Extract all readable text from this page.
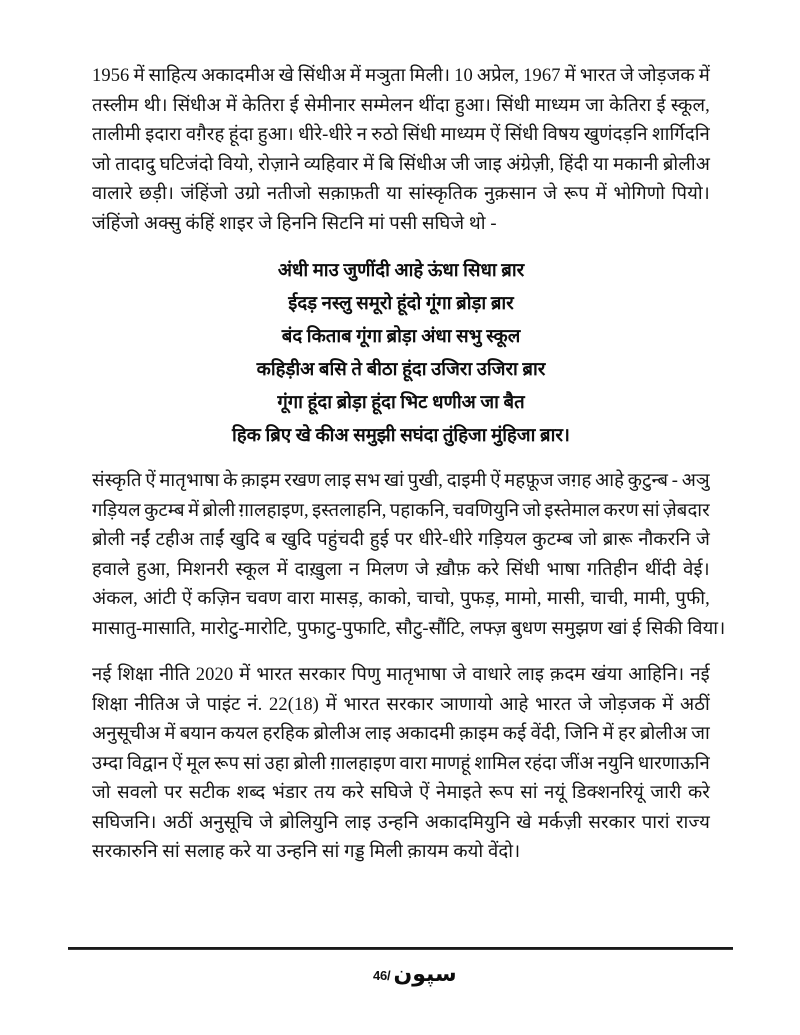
1956 में साहित्य अकादमीअ खे सिंधीअ में मञुता मिली। 10 अप्रेल, 1967 में भारत जे जोड़जक में
तस्लीम थी। सिंधीअ में केतिरा ई सेमीनार सम्मेलन थींदा हुआ। सिंधी माध्यम जा केतिरा ई स्कूल,
तालीमी इदारा वग़ैरह हूंदा हुआ। धीरे-धीरे न रुठो सिंधी माध्यम ऐं सिंधी विषय खुणंदड़नि शार्गिदनि
जो तादादु घटिजंदो वियो, रोज़ाने व्यहिवार में बि सिंधीअ जी जाइ अंग्रेज़ी, हिंदी या मकानी ब्रोलीअ
वालारे छड़ी। जंहिंजो उग्रो नतीजो सक़ाफ़ती या सांस्कृतिक नुक़सान जे रूप में भोगिणो पियो।
जंहिंजो अक्सु कंहिं शाइर जे हिननि सिटनि मां पसी सघिजे थो -
अंधी माउ जुणींदी आहे ऊंधा सिधा ब्रार
ईदड़ नस्लु समूरो हूंदो गूंगा ब्रोड़ा ब्रार
बंद किताब गूंगा ब्रोड़ा अंधा सभु स्कूल
कहिड़ीअ बसि ते बीठा हूंदा उजिरा उजिरा ब्रार
गूंगा हूंदा ब्रोड़ा हूंदा भिट धणीअ जा बैत
हिक ब्रिए खे कीअ समुझी सघंदा तुंहिजा मुंहिजा ब्रार।
संस्कृति ऐं मातृभाषा के क़ाइम रखण लाइ सभ खां पुखी, दाइमी ऐं महफ़ूज जग़ह आहे कुटुन्ब - अञु
गड़ियल कुटम्ब में ब्रोली ग़ालहाइण, इस्तलाहनि, पहाकनि, चवणियुनि जो इस्तेमाल करण सां ज़ेबदार
ब्रोली नईं टहीअ ताईं खुदि ब खुदि पहुंचदी हुई पर धीरे-धीरे गड़ियल कुटम्ब जो ब्रारू नौकरनि जे
हवाले हुआ, मिशनरी स्कूल में दाख़ुला न मिलण जे ख़ौफ़ करे सिंधी भाषा गतिहीन थींदी वेई।
अंकल, आंटी ऐं कज़िन चवण वारा मासड़, काको, चाचो, पुफड़, मामो, मासी, चाची, मामी, पुफी,
मासातु-मासाति, मारोटु-मारोटि, पुफाटु-पुफाटि, सौटु-सौंटि, लफ्ज़ बुधण समुझण खां ई सिकी विया।
नई शिक्षा नीति 2020 में भारत सरकार पिणु मातृभाषा जे वाधारे लाइ क़दम खंया आहिनि। नई
शिक्षा नीतिअ जे पाइंट नं. 22(18) में भारत सरकार ञाणायो आहे भारत जे जोड़जक में अठीं
अनुसूचीअ में बयान कयल हरहिक ब्रोलीअ लाइ अकादमी क़ाइम कई वेंदी, जिनि में हर ब्रोलीअ जा
उम्दा विद्वान ऐं मूल रूप सां उहा ब्रोली ग़ालहाइण वारा माणहूं शामिल रहंदा जींअ नयुनि धारणाऊनि
जो सवलो पर सटीक शब्द भंडार तय करे सघिजे ऐं नेमाइते रूप सां नयूं डिक्शनरियूं जारी करे
सघिजनि। अठीं अनुसूचि जे ब्रोलियुनि लाइ उन्हनि अकादमियुनि खे मर्कज़ी सरकार पारां राज्य
सरकारुनि सां सलाह करे या उन्हनि सां गड्ड मिली क़ायम कयो वेंदो।
46/ سپون
